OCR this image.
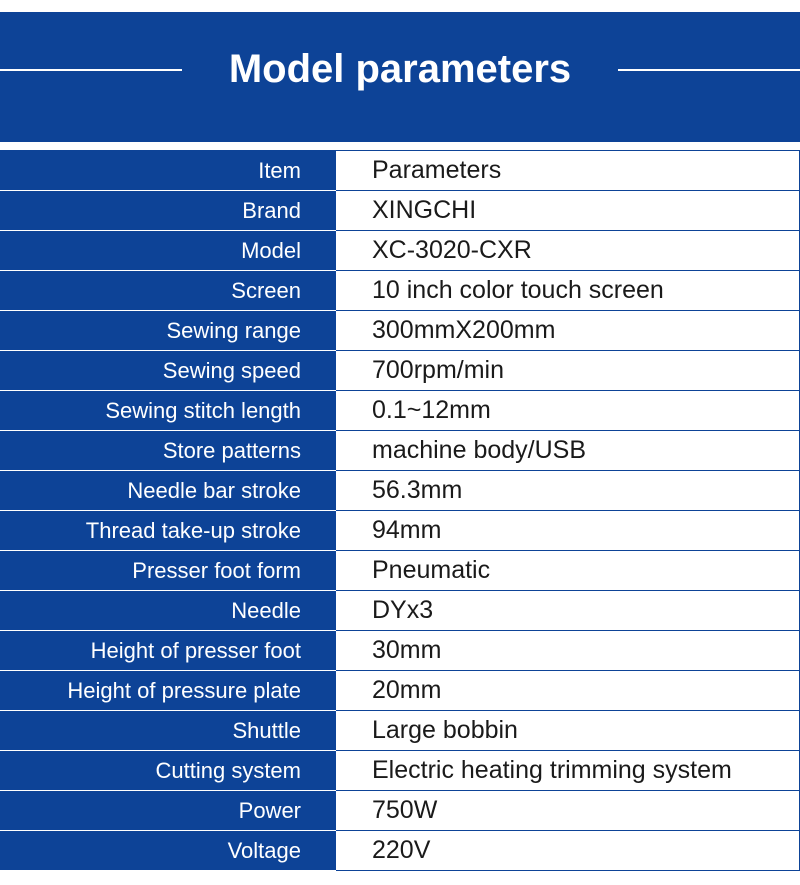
Model parameters
Item	Parameters
Brand	XINGCHI
Model	XC-3020-CXR
Screen	10 inch color touch screen
Sewing range	300mmX200mm
Sewing speed	700rpm/min
Sewing stitch length	0.1~12mm
Store patterns	machine body/USB
Needle bar stroke	56.3mm
Thread take-up stroke	94mm
Presser foot form	Pneumatic
Needle	DYx3
Height of presser foot	30mm
Height of pressure plate	20mm
Shuttle	Large bobbin
Cutting system	Electric heating trimming system
Power	750W
Voltage	220V
